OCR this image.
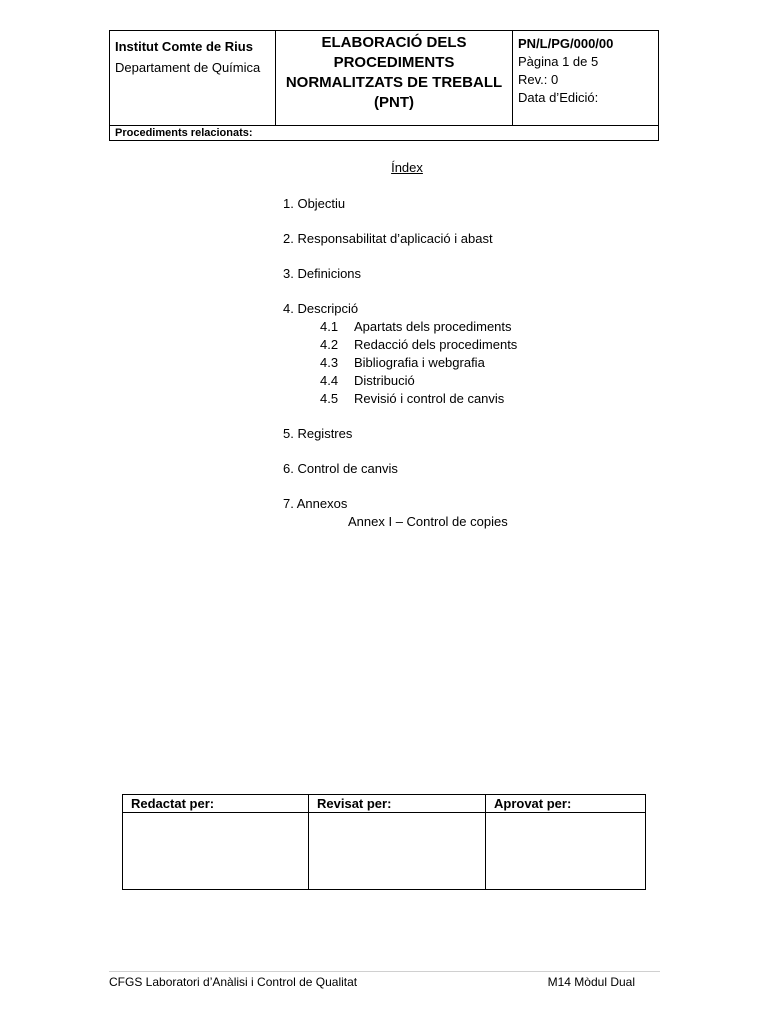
Institut Comte de Rius
Departament de Química

ELABORACIÓ DELS
PROCEDIMENTS
NORMALITZATS DE TREBALL
(PNT)

PN/L/PG/000/00
Pàgina 1 de 5
Rev.: 0
Data d’Edició:

Procediments relacionats:
Índex
1. Objectiu
2. Responsabilitat d’aplicació i abast
3. Definicions
4. Descripció
4.1	Apartats dels procediments
4.2	Redacció dels procediments
4.3	Bibliografia i webgrafia
4.4	Distribució
4.5	Revisió i control de canvis
5. Registres
6. Control de canvis
7. Annexos
Annex I – Control de copies
Redactat per:	Revisat per:	Aprovat per:

CFGS Laboratori d’Anàlisi i Control de Qualitat	M14 Mòdul Dual
